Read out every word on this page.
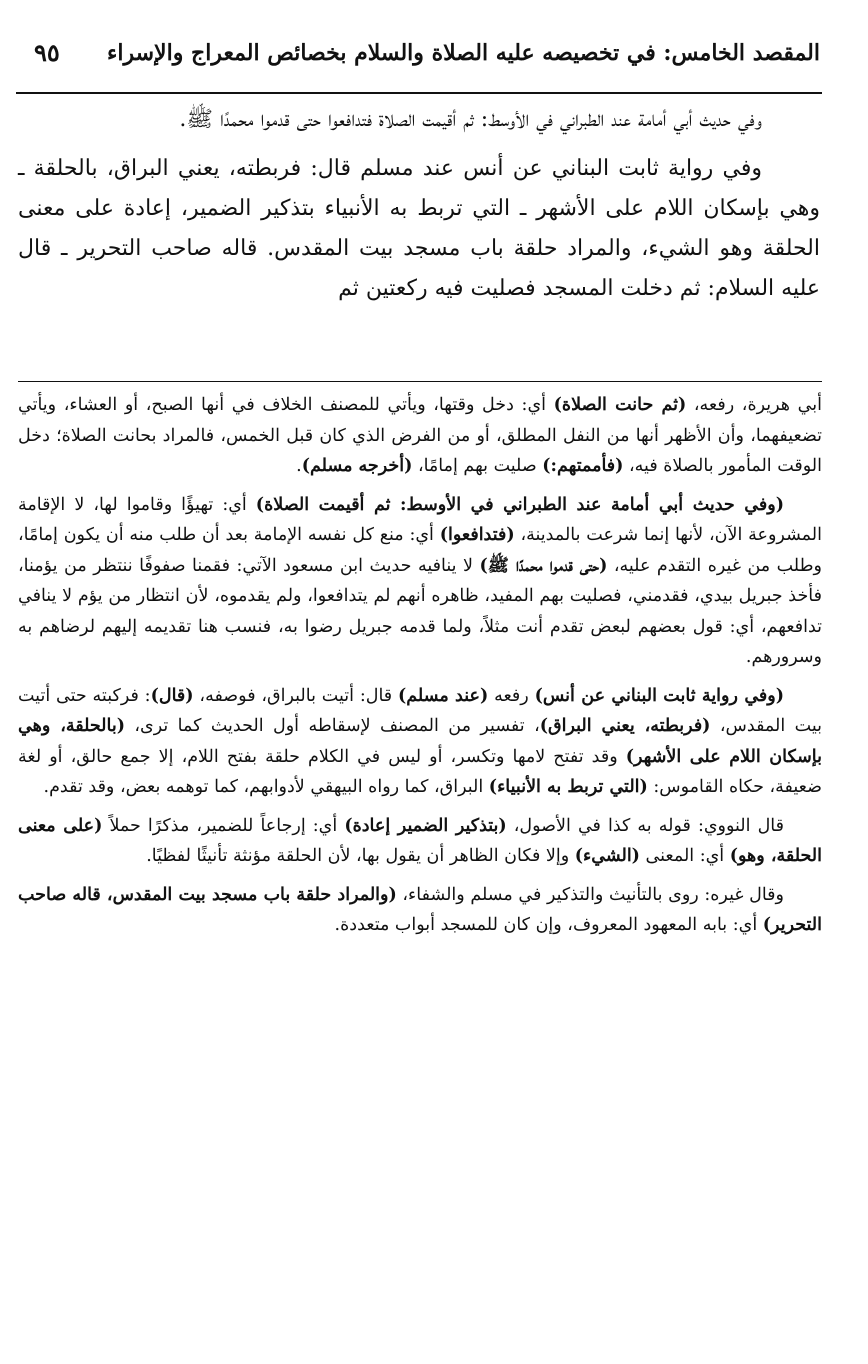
المقصد الخامس: في تخصيصه عليه الصلاة والسلام بخصائص المعراج والإسراء
٩٥

وفي حديث أبي أمامة عند الطبراني في الأوسط: ثم أقيمت الصلاة فتدافعوا حتى قدموا محمدًا ﷺ.

وفي رواية ثابت البناني عن أنس عند مسلم قال: فربطته، يعني البراق، بالحلقة ـ وهي بإسكان اللام على الأشهر ـ التي تربط به الأنبياء بتذكير الضمير، إعادة على معنى الحلقة وهو الشيء، والمراد حلقة باب مسجد بيت المقدس. قاله صاحب التحرير ـ قال عليه السلام: ثم دخلت المسجد فصليت فيه ركعتين ثم

أبي هريرة، رفعه، (ثم حانت الصلاة) أي: دخل وقتها، ويأتي للمصنف الخلاف في أنها الصبح، أو العشاء، ويأتي تضعيفهما، وأن الأظهر أنها من النفل المطلق، أو من الفرض الذي كان قبل الخمس، فالمراد بحانت الصلاة؛ دخل الوقت المأمور بالصلاة فيه، (فأممتهم:) صليت بهم إمامًا، (أخرجه مسلم).

(وفي حديث أبي أمامة عند الطبراني في الأوسط: ثم أقيمت الصلاة) أي: تهيؤًا وقاموا لها، لا الإقامة المشروعة الآن، لأنها إنما شرعت بالمدينة، (فتدافعوا) أي: منع كل نفسه الإمامة بعد أن طلب منه أن يكون إمامًا، وطلب من غيره التقدم عليه، (حتى قدموا محمدًا ﷺ) لا ينافيه حديث ابن مسعود الآتي: فقمنا صفوفًا ننتظر من يؤمنا، فأخذ جبريل بيدي، فقدمني، فصليت بهم المفيد، ظاهره أنهم لم يتدافعوا، ولم يقدموه، لأن انتظار من يؤم لا ينافي تدافعهم، أي: قول بعضهم لبعض تقدم أنت مثلاً، ولما قدمه جبريل رضوا به، فنسب هنا تقديمه إليهم لرضاهم به وسرورهم.

(وفي رواية ثابت البناني عن أنس) رفعه (عند مسلم) قال: أتيت بالبراق، فوصفه، (قال): فركبته حتى أتيت بيت المقدس، (فربطته، يعني البراق)، تفسير من المصنف لإسقاطه أول الحديث كما ترى، (بالحلقة، وهي بإسكان اللام على الأشهر) وقد تفتح لامها وتكسر، أو ليس في الكلام حلقة بفتح اللام، إلا جمع حالق، أو لغة ضعيفة، حكاه القاموس: (التي تربط به الأنبياء) البراق، كما رواه البيهقي لأدوابهم، كما توهمه بعض، وقد تقدم.

قال النووي: قوله به كذا في الأصول، (بتذكير الضمير إعادة) أي: إرجاعاً للضمير، مذكرًا حملاً (على معنى الحلقة، وهو) أي: المعنى (الشيء) وإلا فكان الظاهر أن يقول بها، لأن الحلقة مؤنثة تأنيثًا لفظيًا.

وقال غيره: روى بالتأنيث والتذكير في مسلم والشفاء، (والمراد حلقة باب مسجد بيت المقدس، قاله صاحب التحرير) أي: بابه المعهود المعروف، وإن كان للمسجد أبواب متعددة.
